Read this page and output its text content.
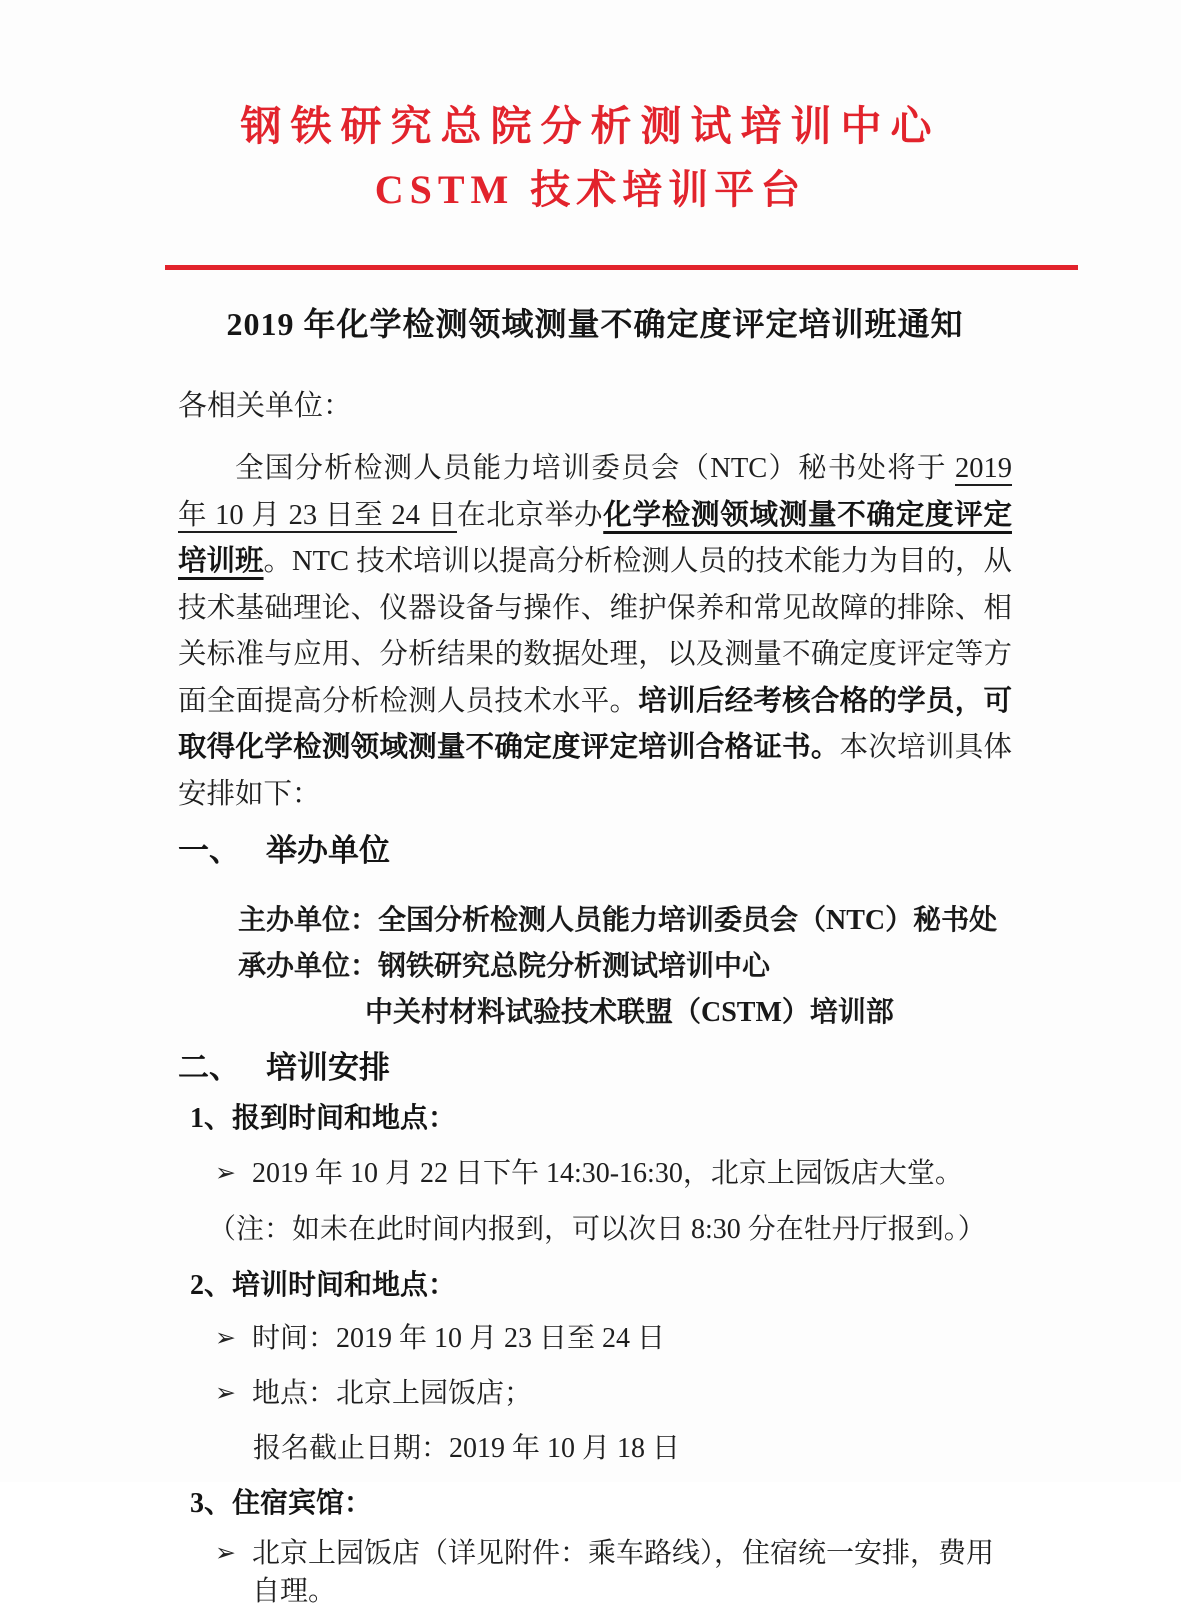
钢铁研究总院分析测试培训中心
CSTM 技术培训平台
2019 年化学检测领域测量不确定度评定培训班通知
各相关单位：

全国分析检测人员能力培训委员会（NTC）秘书处将于 2019 年 10 月 23 日至 24 日在北京举办化学检测领域测量不确定度评定培训班。NTC 技术培训以提高分析检测人员的技术能力为目的，从技术基础理论、仪器设备与操作、维护保养和常见故障的排除、相关标准与应用、分析结果的数据处理，以及测量不确定度评定等方面全面提高分析检测人员技术水平。培训后经考核合格的学员，可取得化学检测领域测量不确定度评定培训合格证书。本次培训具体安排如下：

一、 举办单位
主办单位：全国分析检测人员能力培训委员会（NTC）秘书处
承办单位：钢铁研究总院分析测试培训中心
中关村材料试验技术联盟（CSTM）培训部
二、 培训安排
1、报到时间和地点：
➢ 2019 年 10 月 22 日下午 14:30-16:30，北京上园饭店大堂。
（注：如未在此时间内报到，可以次日 8:30 分在牡丹厅报到。）
2、培训时间和地点：
➢ 时间：2019 年 10 月 23 日至 24 日
➢ 地点：北京上园饭店；
报名截止日期：2019 年 10 月 18 日
3、住宿宾馆：
➢ 北京上园饭店（详见附件：乘车路线），住宿统一安排，费用自理。
